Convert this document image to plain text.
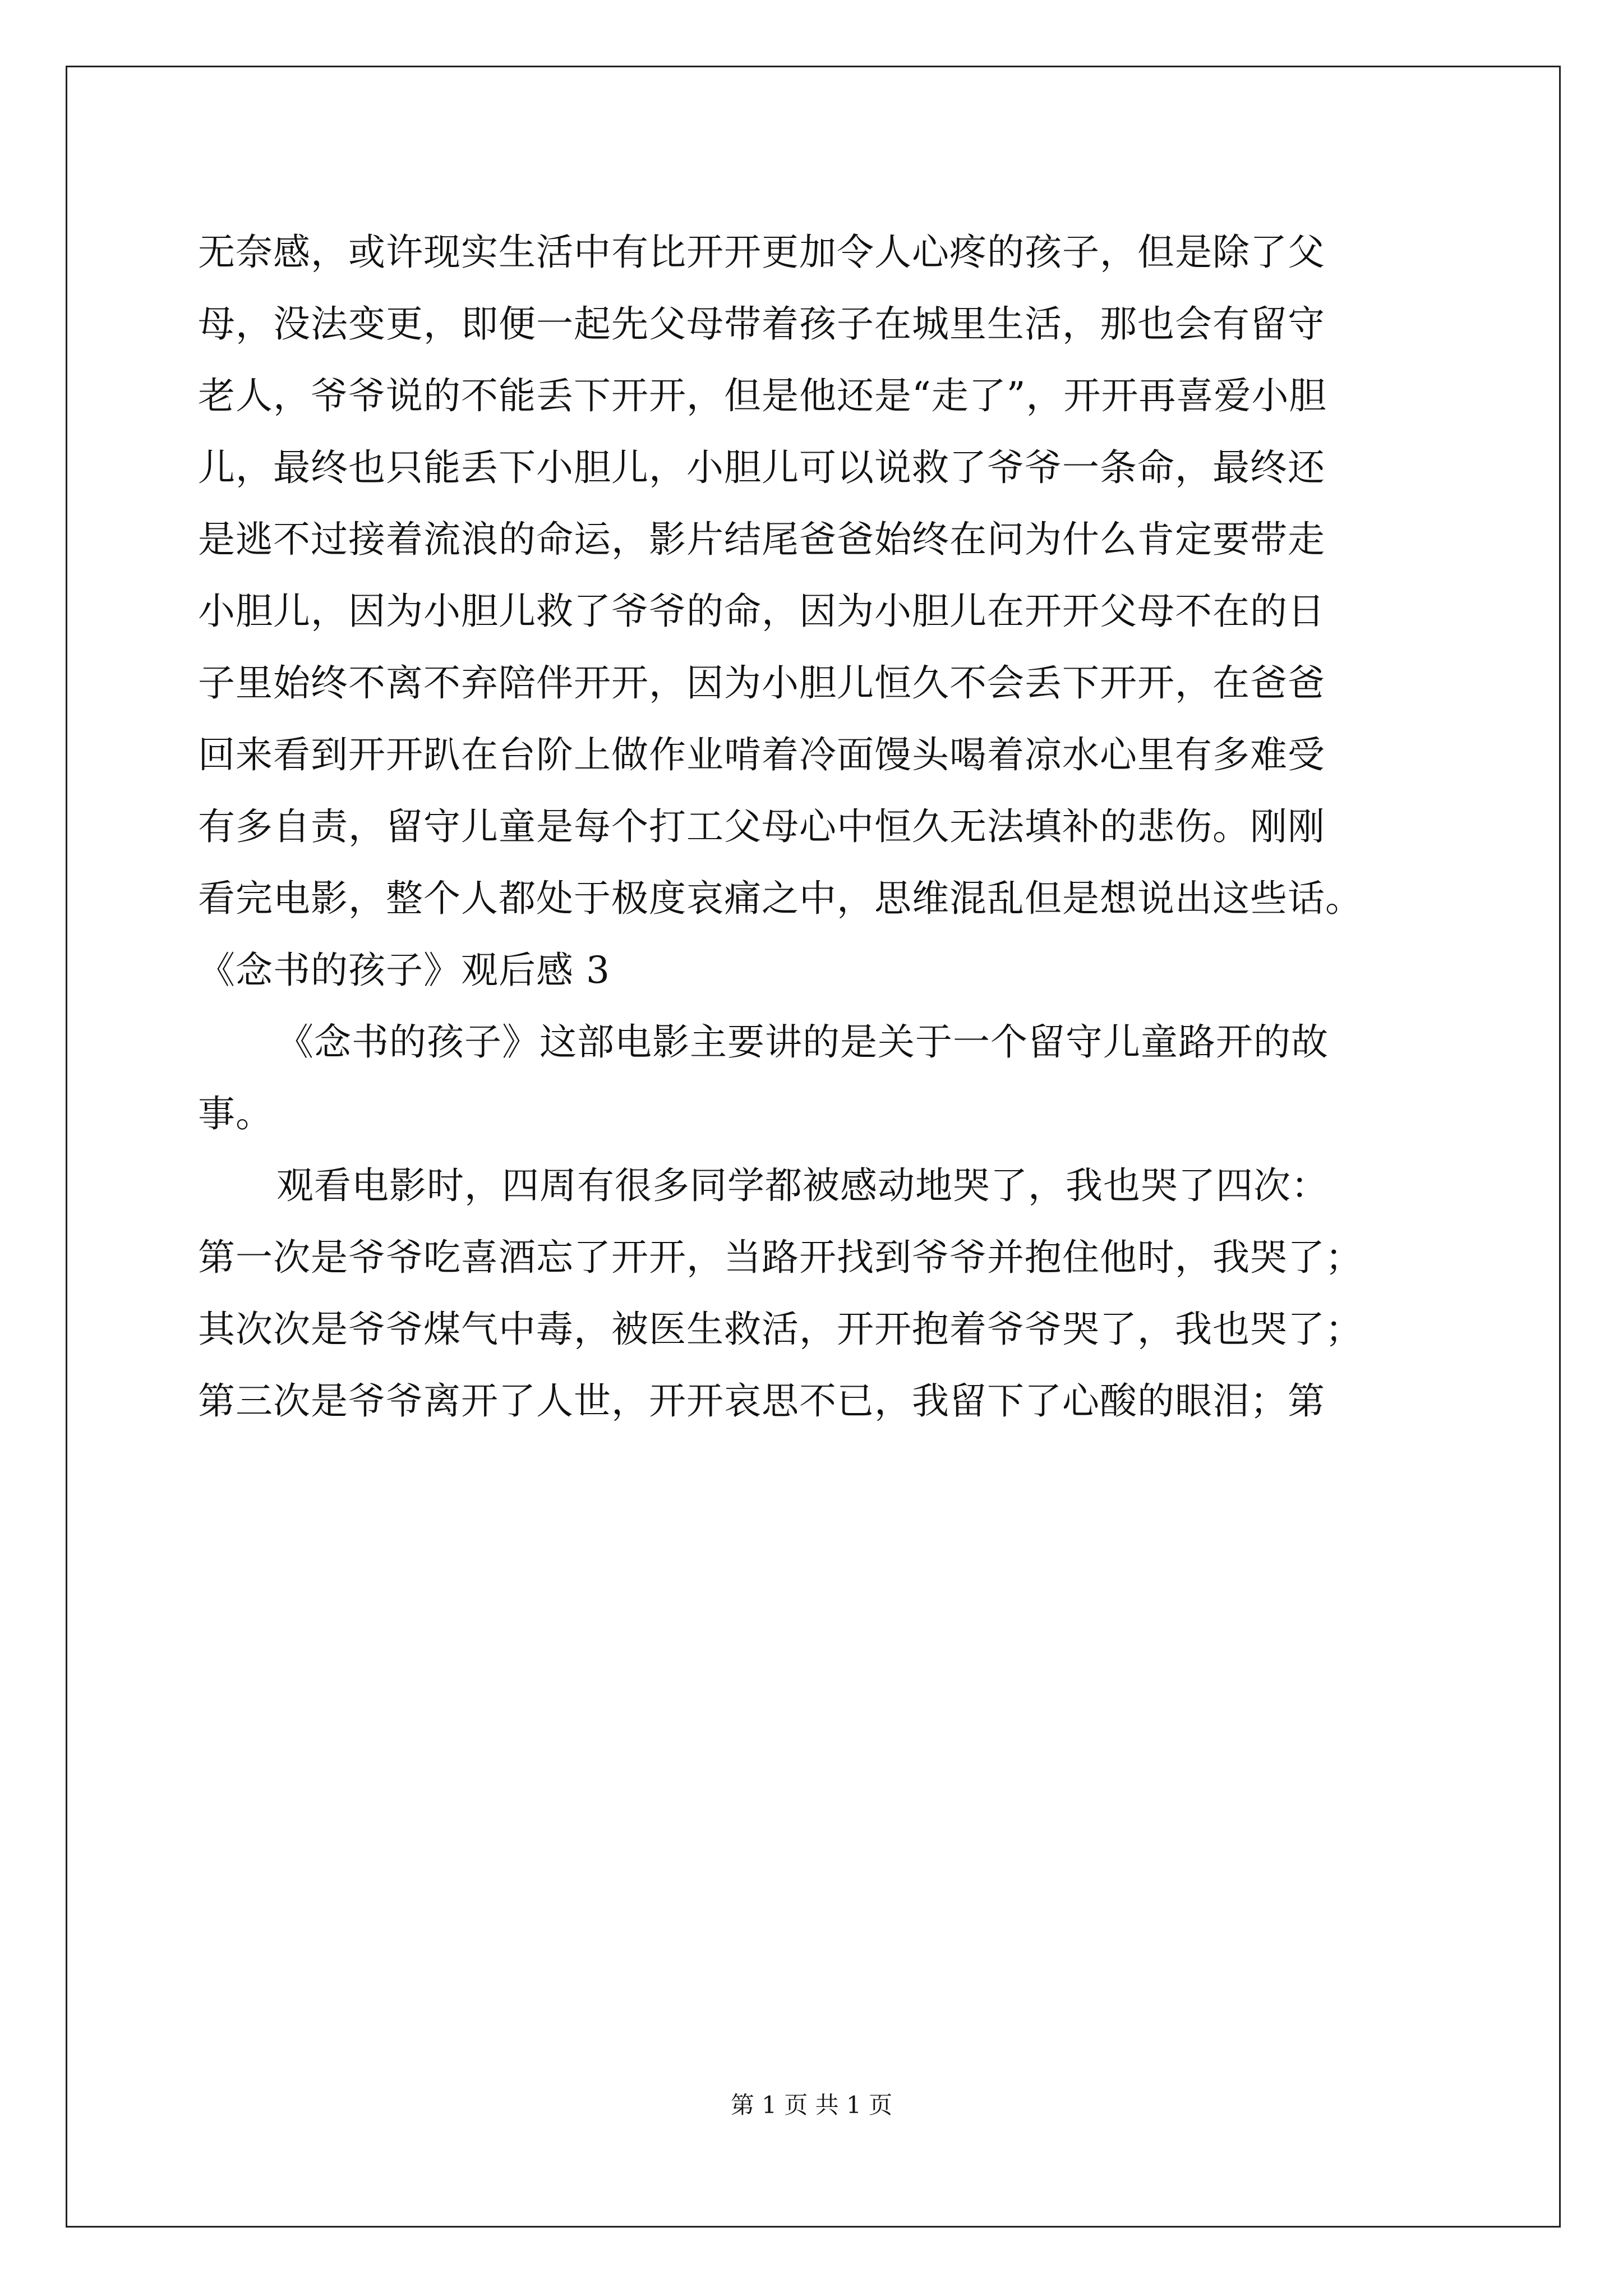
无奈感，或许现实生活中有比开开更加令人心疼的孩子，但是除了父
母，没法变更，即便一起先父母带着孩子在城里生活，那也会有留守
老人，爷爷说的不能丢下开开，但是他还是“走了”，开开再喜爱小胆
儿，最终也只能丢下小胆儿，小胆儿可以说救了爷爷一条命，最终还
是逃不过接着流浪的命运，影片结尾爸爸始终在问为什么肯定要带走
小胆儿，因为小胆儿救了爷爷的命，因为小胆儿在开开父母不在的日
子里始终不离不弃陪伴开开，因为小胆儿恒久不会丢下开开，在爸爸
回来看到开开趴在台阶上做作业啃着冷面馒头喝着凉水心里有多难受
有多自责，留守儿童是每个打工父母心中恒久无法填补的悲伤。刚刚
看完电影，整个人都处于极度哀痛之中，思维混乱但是想说出这些话。
《念书的孩子》观后感 3
《念书的孩子》这部电影主要讲的是关于一个留守儿童路开的故
事。
观看电影时，四周有很多同学都被感动地哭了，我也哭了四次：
第一次是爷爷吃喜酒忘了开开，当路开找到爷爷并抱住他时，我哭了；
其次次是爷爷煤气中毒，被医生救活，开开抱着爷爷哭了，我也哭了；
第三次是爷爷离开了人世，开开哀思不已，我留下了心酸的眼泪；第
第 1 页 共 1 页
